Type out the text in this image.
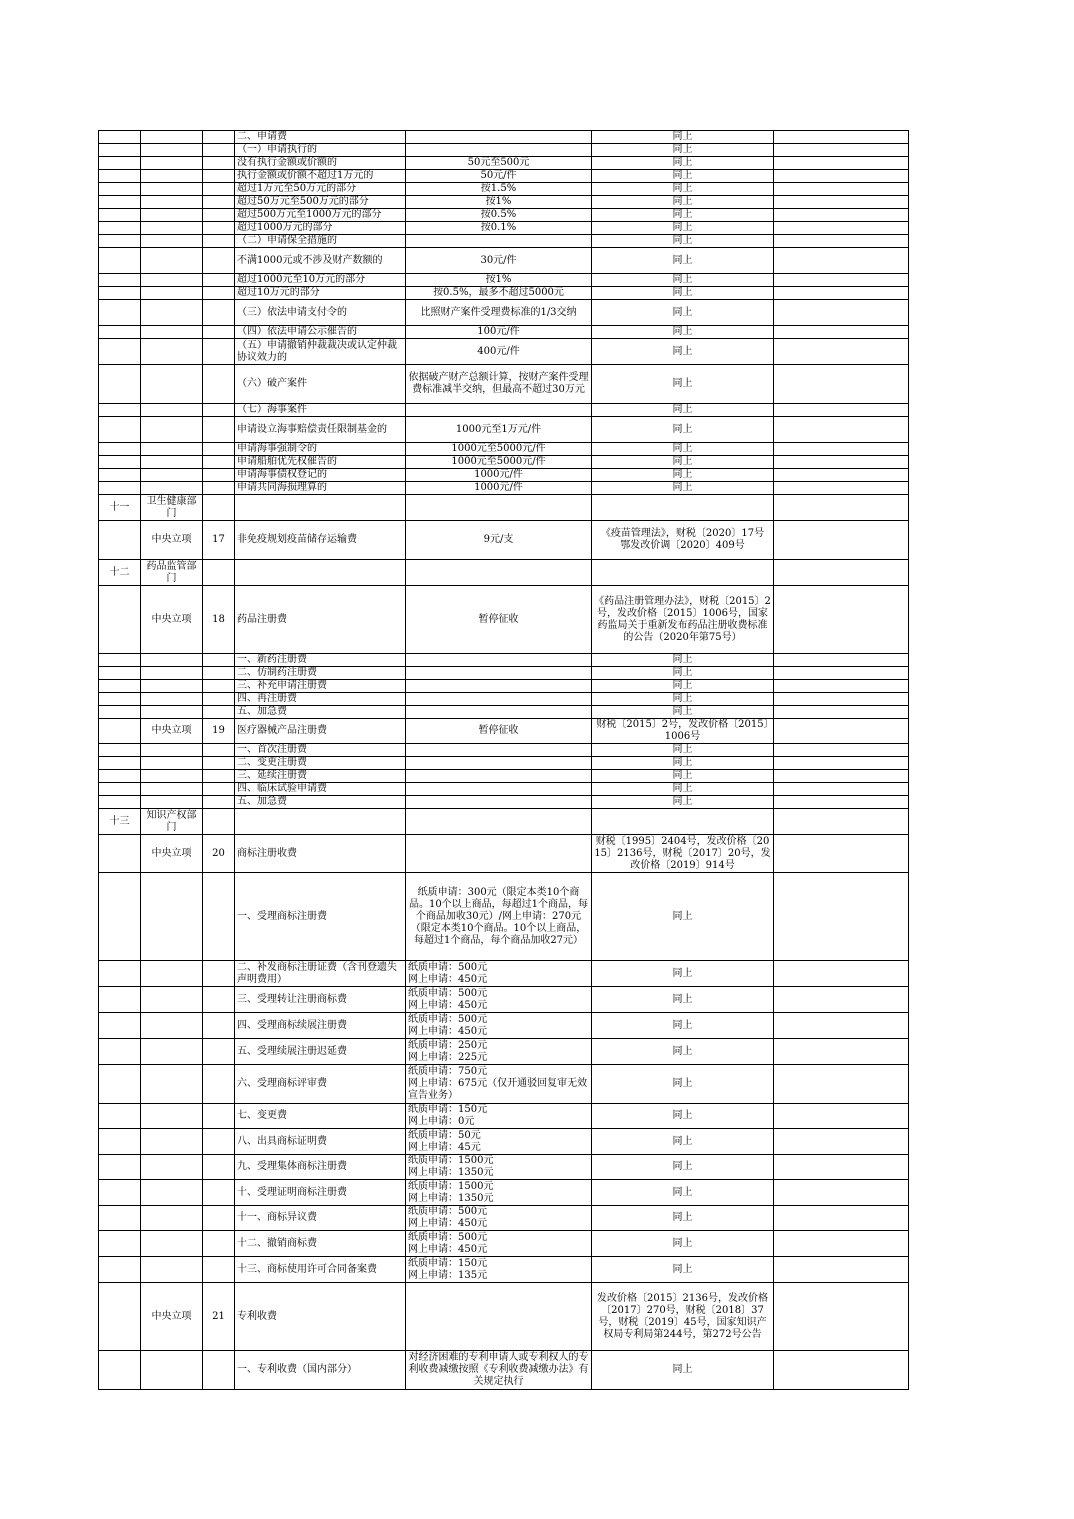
			二、申请费		同上	
			（一）申请执行的		同上	
			没有执行金额或价额的	50元至500元	同上	
			执行金额或价额不超过1万元的	50元/件	同上	
			超过1万元至50万元的部分	按1.5%	同上	
			超过50万元至500万元的部分	按1%	同上	
			超过500万元至1000万元的部分	按0.5%	同上	
			超过1000万元的部分	按0.1%	同上	
			（二）申请保全措施的		同上	
			不满1000元或不涉及财产数额的	30元/件	同上	
			超过1000元至10万元的部分	按1%	同上	
			超过10万元的部分	按0.5%，最多不超过5000元	同上	
			（三）依法申请支付令的	比照财产案件受理费标准的1/3交纳	同上	
			（四）依法申请公示催告的	100元/件	同上	
			（五）申请撤销仲裁裁决或认定仲裁协议效力的	400元/件	同上	
			（六）破产案件	依据破产财产总额计算，按财产案件受理费标准减半交纳，但最高不超过30万元	同上	
			（七）海事案件		同上	
			申请设立海事赔偿责任限制基金的	1000元至1万元/件	同上	
			申请海事强制令的	1000元至5000元/件	同上	
			申请船舶优先权催告的	1000元至5000元/件	同上	
			申请海事债权登记的	1000元/件	同上	
			申请共同海损理算的	1000元/件	同上	
十一	卫生健康部门					
	中央立项	17	非免疫规划疫苗储存运输费	9元/支	《疫苗管理法》，财税〔2020〕17号
鄂发改价调〔2020〕409号	
十二	药品监管部门					
	中央立项	18	药品注册费	暂停征收	《药品注册管理办法》，财税〔2015〕2号，发改价格〔2015〕1006号，国家药监局关于重新发布药品注册收费标准的公告（2020年第75号）	
			一、新药注册费		同上	
			二、仿制药注册费		同上	
			三、补充申请注册费		同上	
			四、再注册费		同上	
			五、加急费		同上	
	中央立项	19	医疗器械产品注册费	暂停征收	财税〔2015〕2号，发改价格〔2015〕1006号	
			一、首次注册费		同上	
			二、变更注册费		同上	
			三、延续注册费		同上	
			四、临床试验申请费		同上	
			五、加急费		同上	
十三	知识产权部门					
	中央立项	20	商标注册收费		财税〔1995〕2404号，发改价格〔2015〕2136号，财税〔2017〕20号，发改价格〔2019〕914号	
			一、受理商标注册费	纸质申请：300元（限定本类10个商品。10个以上商品，每超过1个商品，每个商品加收30元）/网上申请：270元（限定本类10个商品。10个以上商品，每超过1个商品，每个商品加收27元）	同上	
			二、补发商标注册证费（含刊登遗失声明费用）	纸质申请：500元
网上申请：450元	同上	
			三、受理转让注册商标费	纸质申请：500元
网上申请：450元	同上	
			四、受理商标续展注册费	纸质申请：500元
网上申请：450元	同上	
			五、受理续展注册迟延费	纸质申请：250元
网上申请：225元	同上	
			六、受理商标评审费	纸质申请：750元
网上申请：675元（仅开通驳回复审无效宣告业务）	同上	
			七、变更费	纸质申请：150元
网上申请：0元	同上	
			八、出具商标证明费	纸质申请：50元
网上申请：45元	同上	
			九、受理集体商标注册费	纸质申请：1500元
网上申请：1350元	同上	
			十、受理证明商标注册费	纸质申请：1500元
网上申请：1350元	同上	
			十一、商标异议费	纸质申请：500元
网上申请：450元	同上	
			十二、撤销商标费	纸质申请：500元
网上申请：450元	同上	
			十三、商标使用许可合同备案费	纸质申请：150元
网上申请：135元	同上	
	中央立项	21	专利收费		发改价格〔2015〕2136号，发改价格〔2017〕270号，财税〔2018〕37号，财税〔2019〕45号，国家知识产权局专利局第244号，第272号公告	
			一、专利收费（国内部分）	对经济困难的专利申请人或专利权人的专利收费减缴按照《专利收费减缴办法》有关规定执行	同上	
